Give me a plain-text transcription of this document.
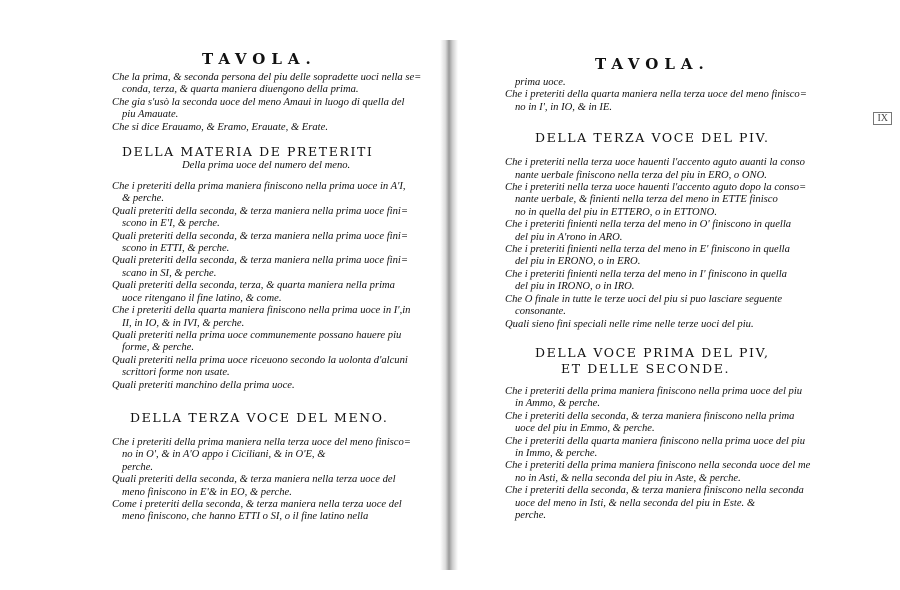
TAVOLA.
Che la prima, & seconda persona del piu delle sopradette uoci nella se=
conda, terza, & quarta maniera diuengono della prima.
Che gia s'usò la seconda uoce del meno Amaui in luogo di quella del
piu Amauate.
Che si dice Erauamo, & Eramo, Erauate, & Erate.
DELLA MATERIA DE PRETERITI
Della prima uoce del numero del meno.
Che i preteriti della prima maniera finiscono nella prima uoce in A'I,
& perche.
Quali preteriti della seconda, & terza maniera nella prima uoce fini=
scono in E'I, & perche.
Quali preteriti della seconda, & terza maniera nella prima uoce fini=
scono in ETTI, & perche.
Quali preteriti della seconda, & terza maniera nella prima uoce fini=
scano in SI, & perche.
Quali preteriti della seconda, terza, & quarta maniera nella prima
uoce ritengano il fine latino, & come.
Che i preteriti della quarta maniera finiscono nella prima uoce in I',in
II, in IO, & in IVI, & perche.
Quali preteriti nella prima uoce communemente possano hauere piu
forme, & perche.
Quali preteriti nella prima uoce riceuono secondo la uolonta d'alcuni
scrittori forme non usate.
Quali preteriti manchino della prima uoce.
DELLA TERZA VOCE DEL MENO.
Che i preteriti della prima maniera nella terza uoce del meno finisco=
no in O', & in A'O appo i Ciciliani, & in O'E, &
perche.
Quali preteriti della seconda, & terza maniera nella terza uoce del
meno finiscono in E'& in EO, & perche.
Come i preteriti della seconda, & terza maniera nella terza uoce del
meno finiscono, che hanno ETTI o SI, o il fine latino nella
TAVOLA.
IX
prima uoce.
Che i preteriti della quarta maniera nella terza uoce del meno finisco=
no in I', in IO, & in IE.
DELLA TERZA VOCE DEL PIV.
Che i preteriti nella terza uoce hauenti l'accento aguto auanti la conso
nante uerbale finiscono nella terza del piu in ERO, o ONO.
Che i preteriti nella terza uoce hauenti l'accento aguto dopo la conso=
nante uerbale, & finienti nella terza del meno in ETTE finisco
no in quella del piu in ETTERO, o in ETTONO.
Che i preteriti finienti nella terza del meno in O' finiscono in quella
del piu in A'rono in ARO.
Che i preteriti finienti nella terza del meno in E' finiscono in quella
del piu in ERONO, o in ERO.
Che i preteriti finienti nella terza del meno in I' finiscono in quella
del piu in IRONO, o in IRO.
Che O finale in tutte le terze uoci del piu si puo lasciare seguente
consonante.
Quali sieno fini speciali nelle rime nelle terze uoci del piu.
DELLA VOCE PRIMA DEL PIV,
ET DELLE SECONDE.
Che i preteriti della prima maniera finiscono nella prima uoce del piu
in Ammo, & perche.
Che i preteriti della seconda, & terza maniera finiscono nella prima
uoce del piu in Emmo, & perche.
Che i preteriti della quarta maniera finiscono nella prima uoce del piu
in Immo, & perche.
Che i preteriti della prima maniera finiscono nella seconda uoce del me
no in Asti, & nella seconda del piu in Aste, & perche.
Che i preteriti della seconda, & terza maniera finiscono nella seconda
uoce del meno in Isti, & nella seconda del piu in Este. &
perche.
